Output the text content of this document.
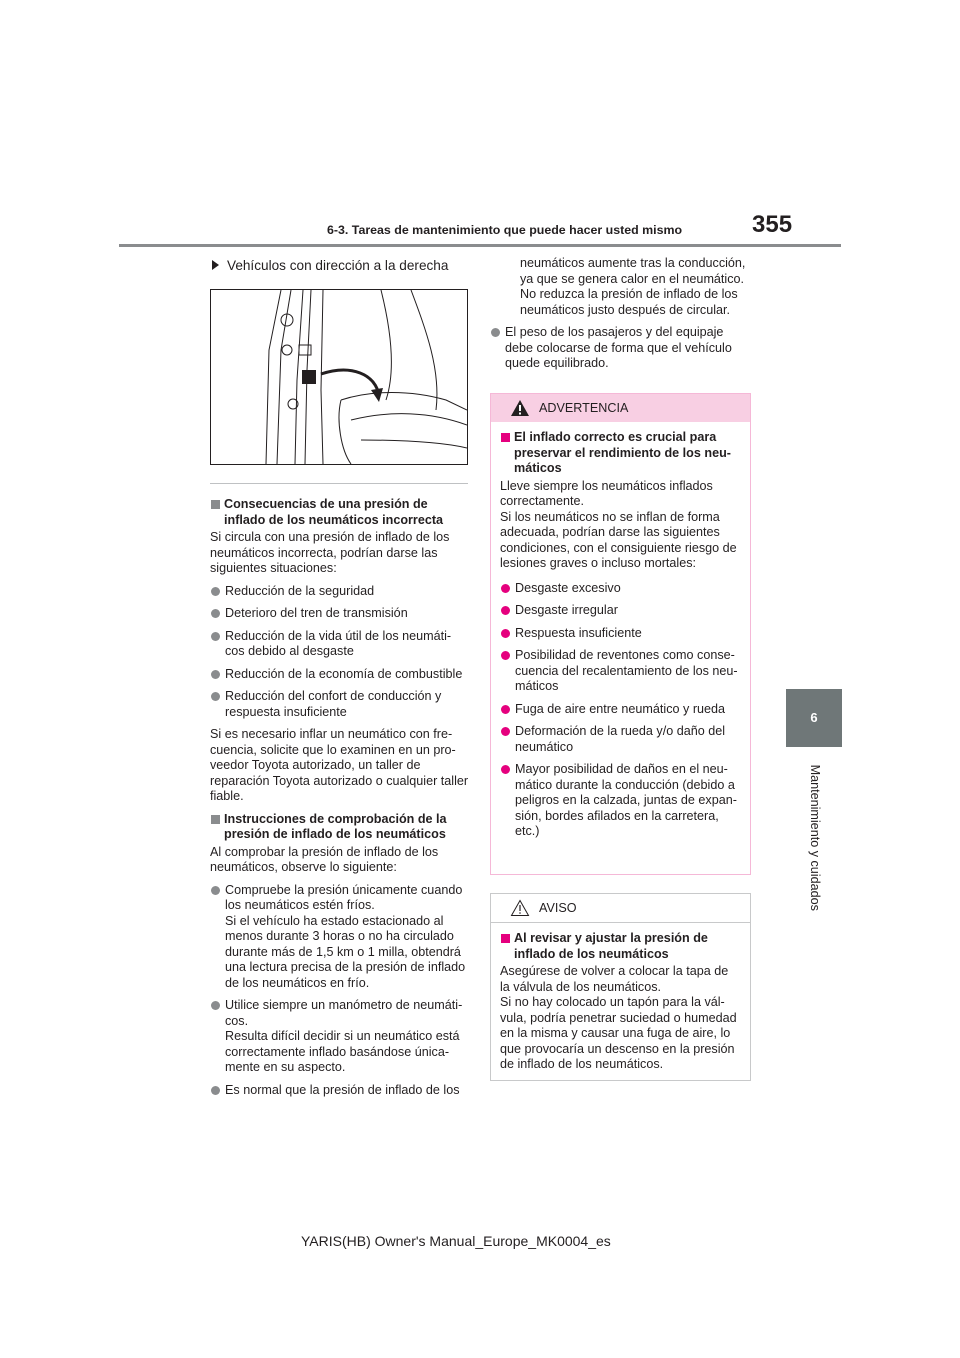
6-3. Tareas de mantenimiento que puede hacer usted mismo	355
6
Mantenimiento y cuidados
Vehículos con dirección a la derecha
Consecuencias de una presión de inflado de los neumáticos incorrecta

Si circula con una presión de inflado de los neumáticos incorrecta, podrían darse las siguientes situaciones:

Reducción de la seguridad
Deterioro del tren de transmisión
Reducción de la vida útil de los neumáti-cos debido al desgaste
Reducción de la economía de combustible
Reducción del confort de conducción y respuesta insuficiente

Si es necesario inflar un neumático con fre-cuencia, solicite que lo examinen en un pro-veedor Toyota autorizado, un taller de reparación Toyota autorizado o cualquier taller fiable.

Instrucciones de comprobación de la presión de inflado de los neumáticos

Al comprobar la presión de inflado de los neumáticos, observe lo siguiente:

Compruebe la presión únicamente cuando los neumáticos estén fríos.
Si el vehículo ha estado estacionado al menos durante 3 horas o no ha circulado durante más de 1,5 km o 1 milla, obtendrá una lectura precisa de la presión de inflado de los neumáticos en frío.
Utilice siempre un manómetro de neumáti-cos.
Resulta difícil decidir si un neumático está correctamente inflado basándose única-mente en su aspecto.
Es normal que la presión de inflado de los

neumáticos aumente tras la conducción, ya que se genera calor en el neumático. No reduzca la presión de inflado de los neumáticos justo después de circular.

El peso de los pasajeros y del equipaje debe colocarse de forma que el vehículo quede equilibrado.
ADVERTENCIA
El inflado correcto es crucial para preservar el rendimiento de los neu-máticos

Lleve siempre los neumáticos inflados correctamente.
Si los neumáticos no se inflan de forma adecuada, podrían darse las siguientes condiciones, con el consiguiente riesgo de lesiones graves o incluso mortales:

Desgaste excesivo
Desgaste irregular
Respuesta insuficiente
Posibilidad de reventones como conse-cuencia del recalentamiento de los neu-máticos
Fuga de aire entre neumático y rueda
Deformación de la rueda y/o daño del neumático
Mayor posibilidad de daños en el neu-mático durante la conducción (debido a peligros en la calzada, juntas de expan-sión, bordes afilados en la carretera, etc.)
AVISO
Al revisar y ajustar la presión de inflado de los neumáticos

Asegúrese de volver a colocar la tapa de la válvula de los neumáticos.
Si no hay colocado un tapón para la vál-vula, podría penetrar suciedad o humedad en la misma y causar una fuga de aire, lo que provocaría un descenso en la presión de inflado de los neumáticos.

YARIS(HB) Owner's Manual_Europe_MK0004_es
